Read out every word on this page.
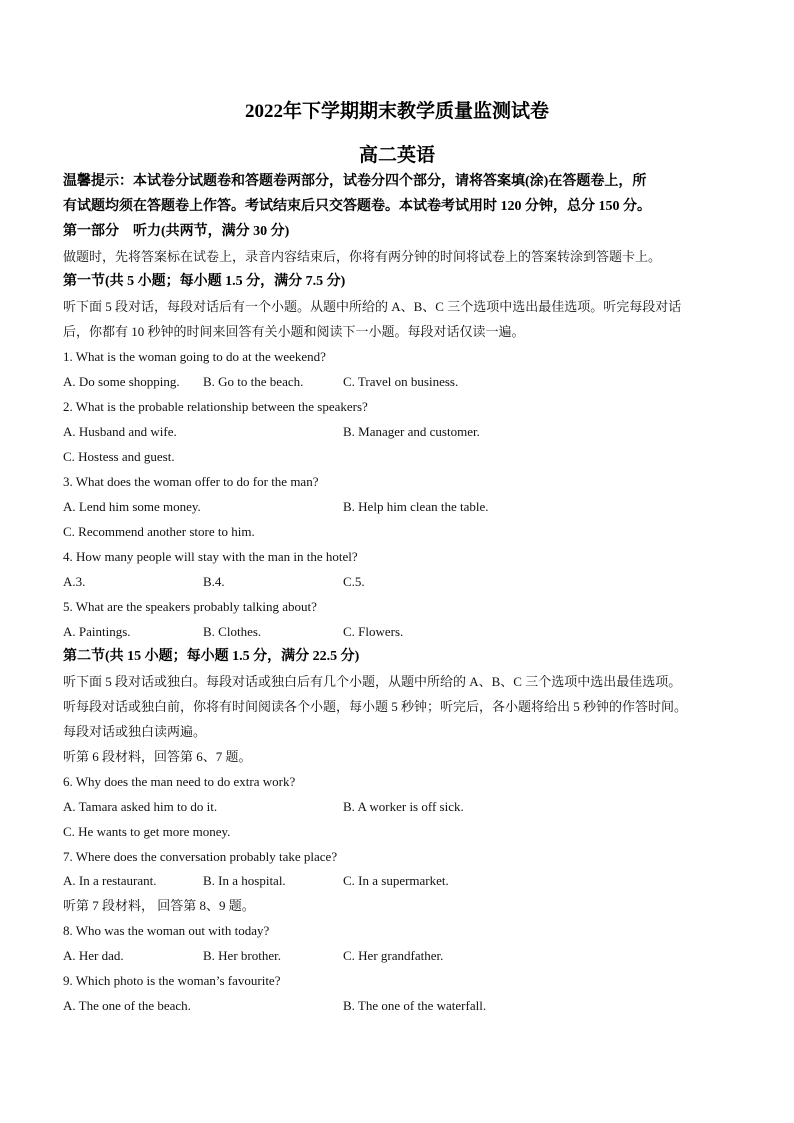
2022年下学期期末教学质量监测试卷
高二英语
温馨提示：本试卷分试题卷和答题卷两部分，试卷分四个部分，请将答案填(涂)在答题卷上，所
有试题均须在答题卷上作答。考试结束后只交答题卷。本试卷考试用时 120 分钟，总分 150 分。
第一部分　听力(共两节，满分 30 分)
做题时，先将答案标在试卷上，录音内容结束后，你将有两分钟的时间将试卷上的答案转涂到答题卡上。
第一节(共 5 小题；每小题 1.5 分，满分 7.5 分)
听下面 5 段对话，每段对话后有一个小题。从题中所给的 A、B、C 三个选项中选出最佳选项。听完每段对话
后，你都有 10 秒钟的时间来回答有关小题和阅读下一小题。每段对话仅读一遍。
1. What is the woman going to do at the weekend?
A. Do some shopping. B. Go to the beach.	C. Travel on business.
2. What is the probable relationship between the speakers?
A. Husband and wife.	B. Manager and customer.
C. Hostess and guest.
3. What does the woman offer to do for the man?
A. Lend him some money.	B. Help him clean the table.
C. Recommend another store to him.
4. How many people will stay with the man in the hotel?
A.3.	B.4.	C.5.
5. What are the speakers probably talking about?
A. Paintings.	B. Clothes.	C. Flowers.
第二节(共 15 小题；每小题 1.5 分，满分 22.5 分)
听下面 5 段对话或独白。每段对话或独白后有几个小题，从题中所给的 A、B、C 三个选项中选出最佳选项。
听每段对话或独白前，你将有时间阅读各个小题，每小题 5 秒钟；听完后，各小题将给出 5 秒钟的作答时间。
每段对话或独白读两遍。
听第 6 段材料，回答第 6、7 题。
6. Why does the man need to do extra work?
A. Tamara asked him to do it.	B. A worker is off sick.
C. He wants to get more money.
7. Where does the conversation probably take place?
A. In a restaurant.	B. In a hospital.	C. In a supermarket.
听第 7 段材料， 回答第 8、9 题。
8. Who was the woman out with today?
A. Her dad.	B. Her brother.	C. Her grandfather.
9. Which photo is the woman’s favourite?
A. The one of the beach.	B. The one of the waterfall.
